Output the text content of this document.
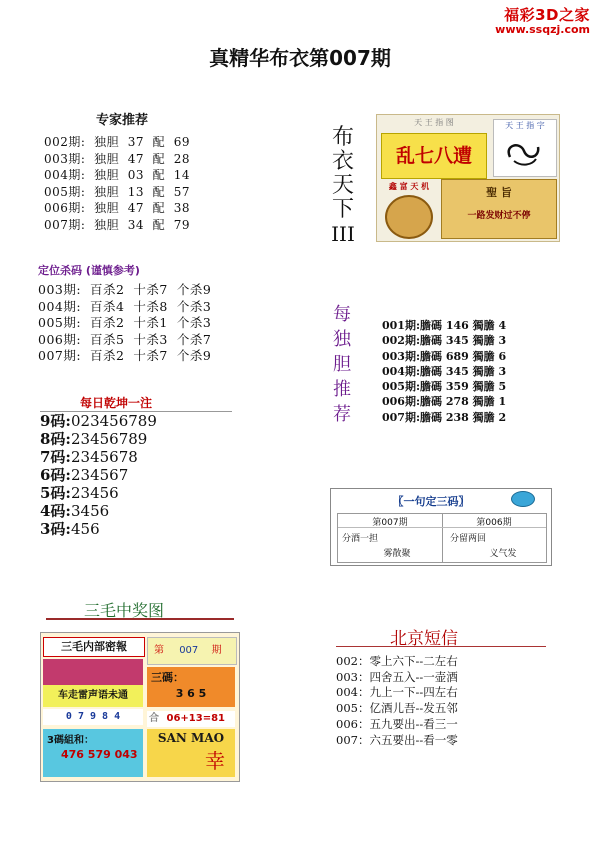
福彩3D之家
www.ssqzj.com
真精华布衣第007期
专家推荐
002期:  独胆  37  配  69
003期:  独胆  47  配  28
004期:  独胆  03  配  14
005期:  独胆  13  配  57
006期:  独胆  47  配  38
007期:  独胆  34  配  79
定位杀码 (谨慎参考)
003期:  百杀2  十杀7  个杀9
004期:  百杀4  十杀8  个杀3
005期:  百杀2  十杀1  个杀3
006期:  百杀5  十杀3  个杀7
007期:  百杀2  十杀7  个杀9
每日乾坤一注
9码:023456789
8码:23456789
7码:2345678
6码:234567
5码:23456
4码:3456
3码:456
布
衣
天
下
III
天 王 指 图
乱七八遭
天 王 指 字
鑫 富 天 机	聖 旨
一路发财过不停
每
独
胆
推
荐
001期:膽碼 146 獨膽 4
002期:膽碼 345 獨膽 3
003期:膽碼 689 獨膽 6
004期:膽碼 345 獨膽 3
005期:膽碼 359 獨膽 5
006期:膽碼 278 獨膽 1
007期:膽碼 238 獨膽 2
〖一句定三码〗
第007期	第006期
分酒一担
雾散聚
分留两回
义气发
三毛中奖图
三毛内部密報
车走雷声语未通
0 7 9 8 4
3碼組和：
476 579 043
第 007 期
三碼：
3 6 5
合 06+13=81
SAN MAO
幸
北京短信
002：零上六下--二左右
003：四舍五入--一壶酒
004：九上一下--四左右
005：亿酒儿吾--发五邻
006：五九要出--看三一
007：六五要出--看一零
